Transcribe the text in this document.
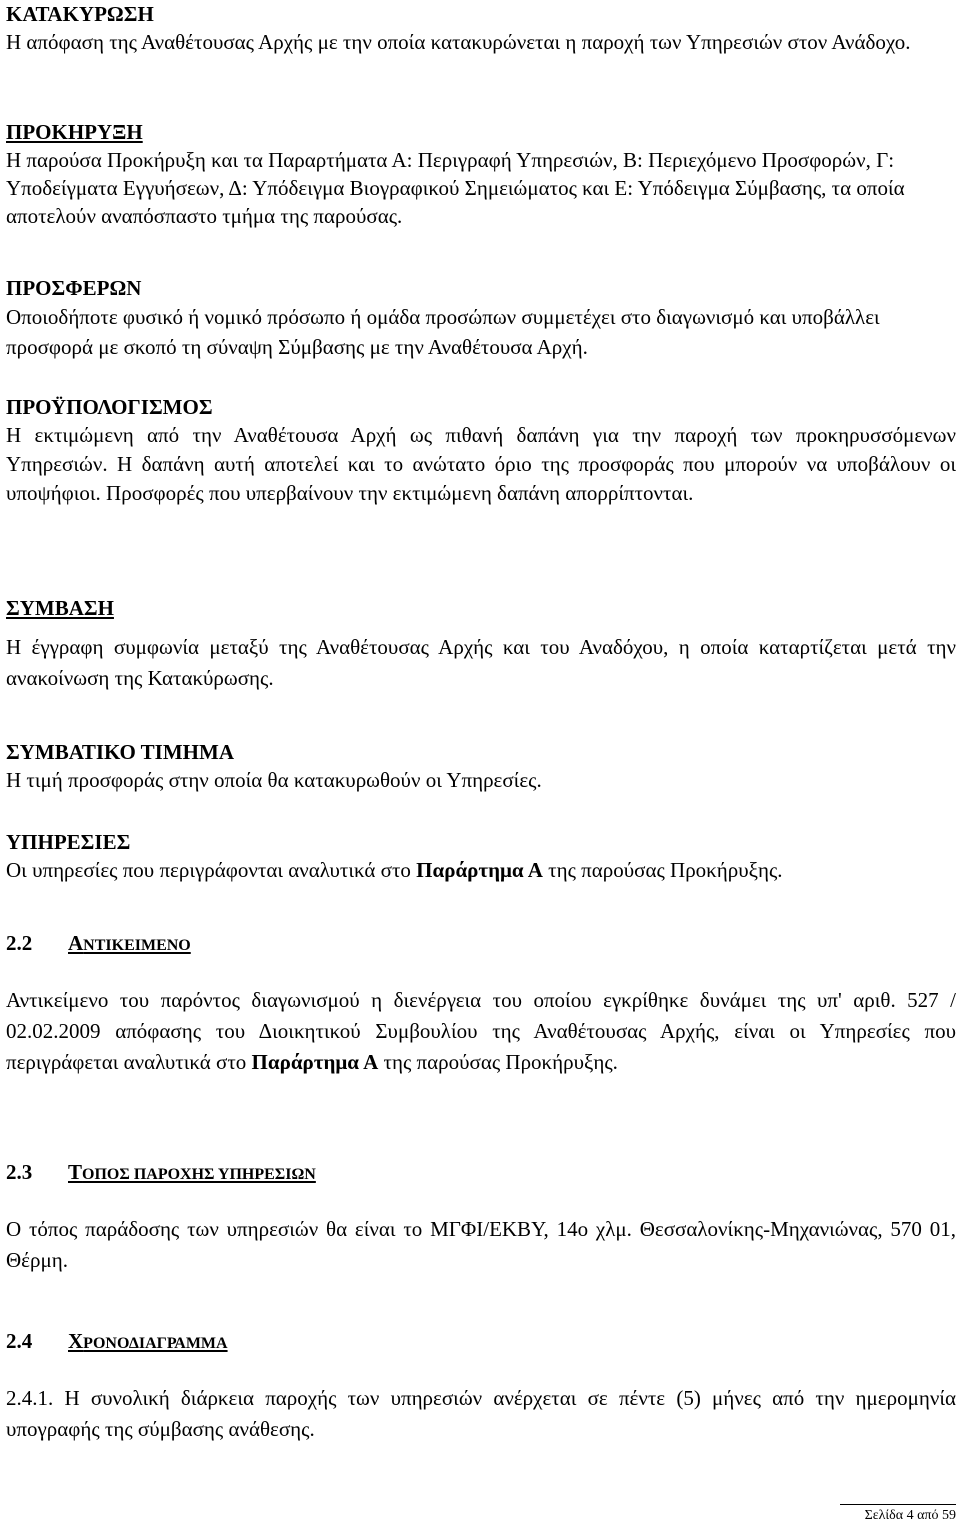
ΚΑΤΑΚΥΡΩΣΗ
Η απόφαση της Αναθέτουσας Αρχής με την οποία κατακυρώνεται η παροχή των Υπηρεσιών στον Ανάδοχο.
ΠΡΟΚΗΡΥΞΗ
Η παρούσα Προκήρυξη και τα Παραρτήματα Α: Περιγραφή Υπηρεσιών, Β: Περιεχόμενο Προσφορών, Γ: Υποδείγματα Εγγυήσεων, Δ: Υπόδειγμα Βιογραφικού Σημειώματος και Ε: Υπόδειγμα Σύμβασης, τα οποία αποτελούν αναπόσπαστο τμήμα της παρούσας.
ΠΡΟΣΦΕΡΩΝ
Οποιοδήποτε φυσικό ή νομικό πρόσωπο ή ομάδα προσώπων συμμετέχει στο διαγωνισμό και υποβάλλει προσφορά με σκοπό τη σύναψη Σύμβασης με την Αναθέτουσα Αρχή.
ΠΡΟΫΠΟΛΟΓΙΣΜΟΣ
Η εκτιμώμενη από την Αναθέτουσα Αρχή ως πιθανή δαπάνη για την παροχή των προκηρυσσόμενων Υπηρεσιών. Η δαπάνη αυτή αποτελεί και το ανώτατο όριο της προσφοράς που μπορούν να υποβάλουν οι υποψήφιοι. Προσφορές που υπερβαίνουν την εκτιμώμενη δαπάνη απορρίπτονται.
ΣΥΜΒΑΣΗ
Η έγγραφη συμφωνία μεταξύ της Αναθέτουσας Αρχής και του Αναδόχου, η οποία καταρτίζεται μετά την ανακοίνωση της Κατακύρωσης.
ΣΥΜΒΑΤΙΚΟ ΤΙΜΗΜΑ
Η τιμή προσφοράς στην οποία θα κατακυρωθούν οι Υπηρεσίες.
ΥΠΗΡΕΣΙΕΣ
Οι υπηρεσίες που περιγράφονται αναλυτικά στο Παράρτημα Α της παρούσας Προκήρυξης.
2.2 ΑΝΤΙΚΕΙΜΕΝΟ
Αντικείμενο του παρόντος διαγωνισμού η διενέργεια του οποίου εγκρίθηκε δυνάμει της υπ' αριθ. 527 / 02.02.2009 απόφασης του Διοικητικού Συμβουλίου της Αναθέτουσας Αρχής, είναι οι Υπηρεσίες που περιγράφεται αναλυτικά στο Παράρτημα Α της παρούσας Προκήρυξης.
2.3 ΤΟΠΟΣ ΠΑΡΟΧΗΣ ΥΠΗΡΕΣΙΩΝ
Ο τόπος παράδοσης των υπηρεσιών θα είναι το ΜΓΦΙ/ΕΚΒΥ, 14ο χλμ. Θεσσαλονίκης-Μηχανιώνας, 570 01, Θέρμη.
2.4 ΧΡΟΝΟΔΙΑΓΡΑΜΜΑ
2.4.1. Η συνολική διάρκεια παροχής των υπηρεσιών ανέρχεται σε πέντε (5) μήνες από την ημερομηνία υπογραφής της σύμβασης ανάθεσης.
Σελίδα 4 από 59
